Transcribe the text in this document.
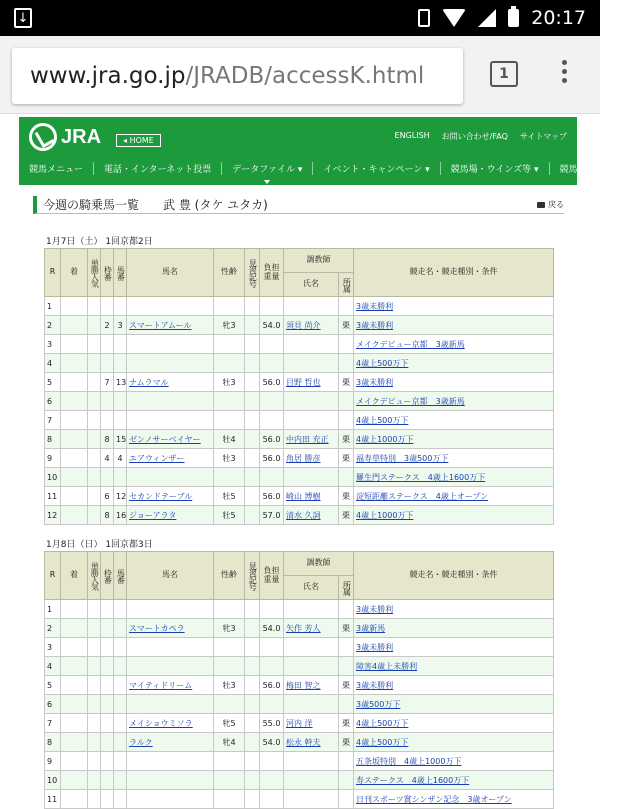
↓	20:17
www.jra.go.jp /JRADB/accessK.html	1
JRA	◂ HOME
ENGLISH お問い合わせ/FAQ サイトマップ
競馬メニュー	電話・インターネット投票	データファイル ▾	イベント・キャンペーン ▾	競馬場・ウインズ等 ▾	競馬ギャラリー ▾
今週の騎乗馬一覧 武 豊 (タケ ユタカ)	戻る
1月7日（土） 1回京都2日
R	着	単勝人気	枠番	馬番	馬名	性齢	見習記号	負担重量	調教師		競走名・競走種別・条件
									氏名	所属	

1											3歳未勝利
2			2	3	スマートアムール	牝3		54.0	須貝 尚介	栗	3歳未勝利
3											メイクデビュー京都　3歳新馬
4											4歳上500万下
5			7	13	ナムラマル	牡3		56.0	目野 哲也	栗	3歳未勝利
6											メイクデビュー京都　3歳新馬
7											4歳上500万下
8			8	15	ゼンノサーベイヤー	牡4		56.0	中内田 充正	栗	4歳上1000万下
9			4	4	エアウィンザー	牡3		56.0	角居 勝彦	栗	福寿草特別　3歳500万下
10											羅生門ステークス　4歳上1600万下
11			6	12	セカンドテーブル	牡5		56.0	崎山 博樹	栗	淀短距離ステークス　4歳上オープン
12			8	16	ジョーアラタ	牡5		57.0	清水 久詞	栗	4歳上1000万下
1月8日（日） 1回京都3日
R	着	単勝人気	枠番	馬番	馬名	性齢	見習記号	負担重量	調教師		競走名・競走種別・条件
									氏名	所属	

1											3歳未勝利
2					スマートカペラ	牝3		54.0	矢作 芳人	栗	3歳新馬
3											3歳未勝利
4											障害4歳上未勝利
5					マイティドリーム	牡3		56.0	梅田 智之	栗	3歳未勝利
6											3歳500万下
7					メイショウミソラ	牝5		55.0	河内 洋	栗	4歳上500万下
8					ラルク	牝4		54.0	松永 幹夫	栗	4歳上500万下
9											五条坂特別　4歳上1000万下
10											寿ステークス　4歳上1600万下
11											日刊スポーツ賞シンザン記念　3歳オープン
